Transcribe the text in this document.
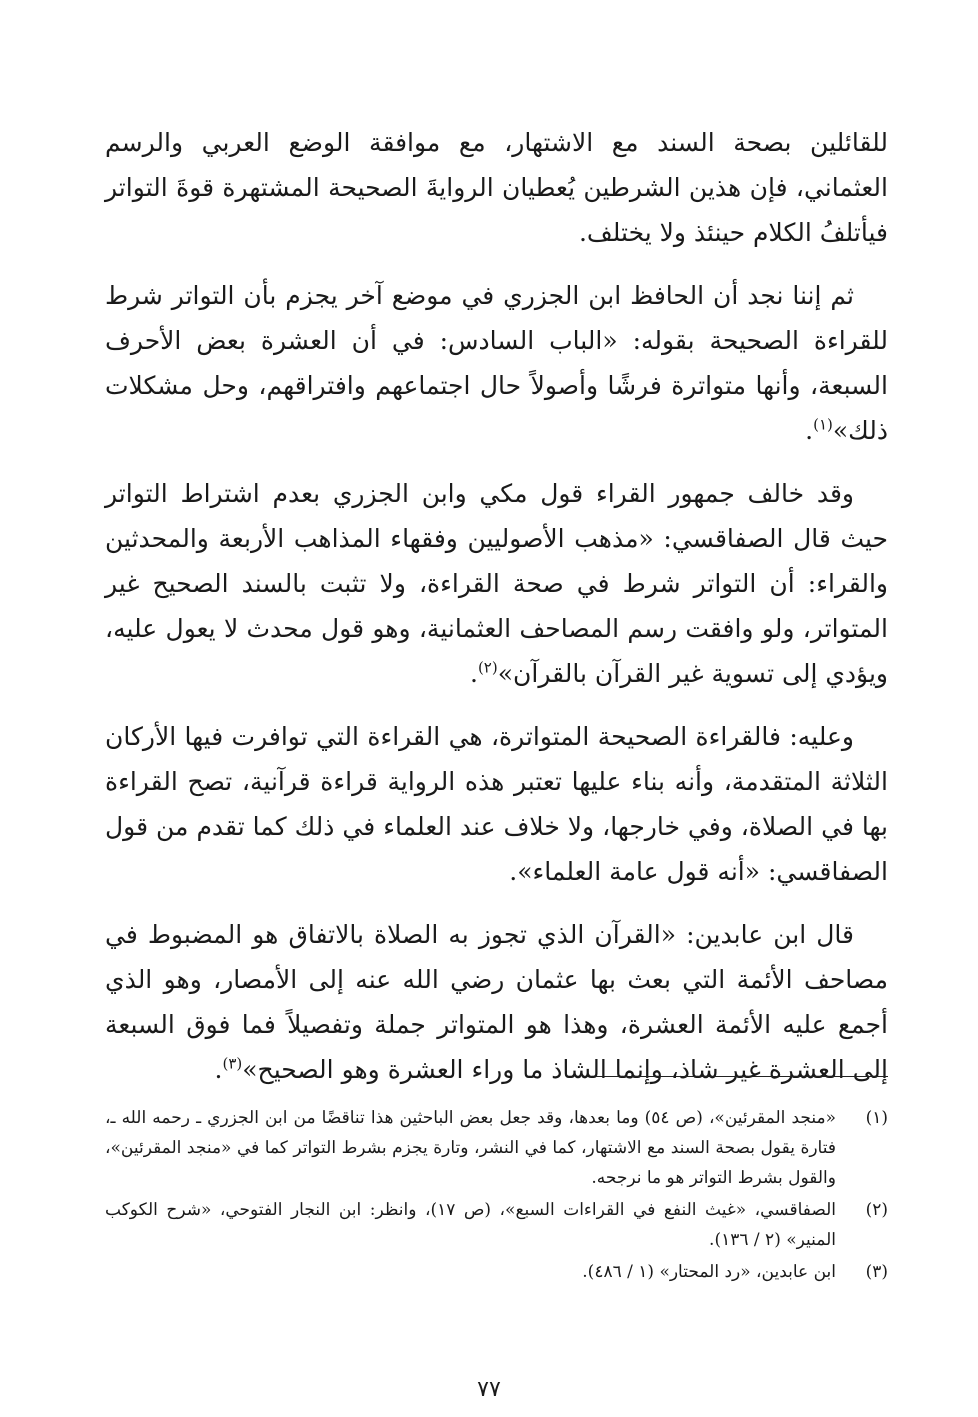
للقائلين بصحة السند مع الاشتهار، مع موافقة الوضع العربي والرسم العثماني، فإن هذين الشرطين يُعطيان الروايةَ الصحيحة المشتهرة قوةَ التواتر فيأتلفُ الكلام حينئذ ولا يختلف.

ثم إننا نجد أن الحافظ ابن الجزري في موضع آخر يجزم بأن التواتر شرط للقراءة الصحيحة بقوله: «الباب السادس: في أن العشرة بعض الأحرف السبعة، وأنها متواترة فرشًا وأصولاً حال اجتماعهم وافتراقهم، وحل مشكلات ذلك»$^{(١)}$.

وقد خالف جمهور القراء قول مكي وابن الجزري بعدم اشتراط التواتر حيث قال الصفاقسي: «مذهب الأصوليين وفقهاء المذاهب الأربعة والمحدثين والقراء: أن التواتر شرط في صحة القراءة، ولا تثبت بالسند الصحيح غير المتواتر، ولو وافقت رسم المصاحف العثمانية، وهو قول محدث لا يعول عليه، ويؤدي إلى تسوية غير القرآن بالقرآن»$^{(٢)}$.

وعليه: فالقراءة الصحيحة المتواترة، هي القراءة التي توافرت فيها الأركان الثلاثة المتقدمة، وأنه بناء عليها تعتبر هذه الرواية قراءة قرآنية، تصح القراءة بها في الصلاة، وفي خارجها، ولا خلاف عند العلماء في ذلك كما تقدم من قول الصفاقسي: «أنه قول عامة العلماء».

قال ابن عابدين: «القرآن الذي تجوز به الصلاة بالاتفاق هو المضبوط في مصاحف الأئمة التي بعث بها عثمان رضي الله عنه إلى الأمصار، وهو الذي أجمع عليه الأئمة العشرة، وهذا هو المتواتر جملة وتفصيلاً فما فوق السبعة إلى العشرة غير شاذ، وإنما الشاذ ما وراء العشرة وهو الصحيح»$^{(٣)}$.

(١)
«منجد المقرئين»، (ص ٥٤) وما بعدها، وقد جعل بعض الباحثين هذا تناقضًا من ابن الجزري ـ رحمه الله ـ، فتارة يقول بصحة السند مع الاشتهار، كما في النشر، وتارة يجزم بشرط التواتر كما في «منجد المقرئين»، والقول بشرط التواتر هو ما نرجحه.
(٢)
الصفاقسي، «غيث النفع في القراءات السبع»، (ص ١٧)، وانظر: ابن النجار الفتوحي، «شرح الكوكب المنير» (٢ / ١٣٦).
(٣)
ابن عابدين، «رد المحتار» (١ / ٤٨٦).
٧٧
